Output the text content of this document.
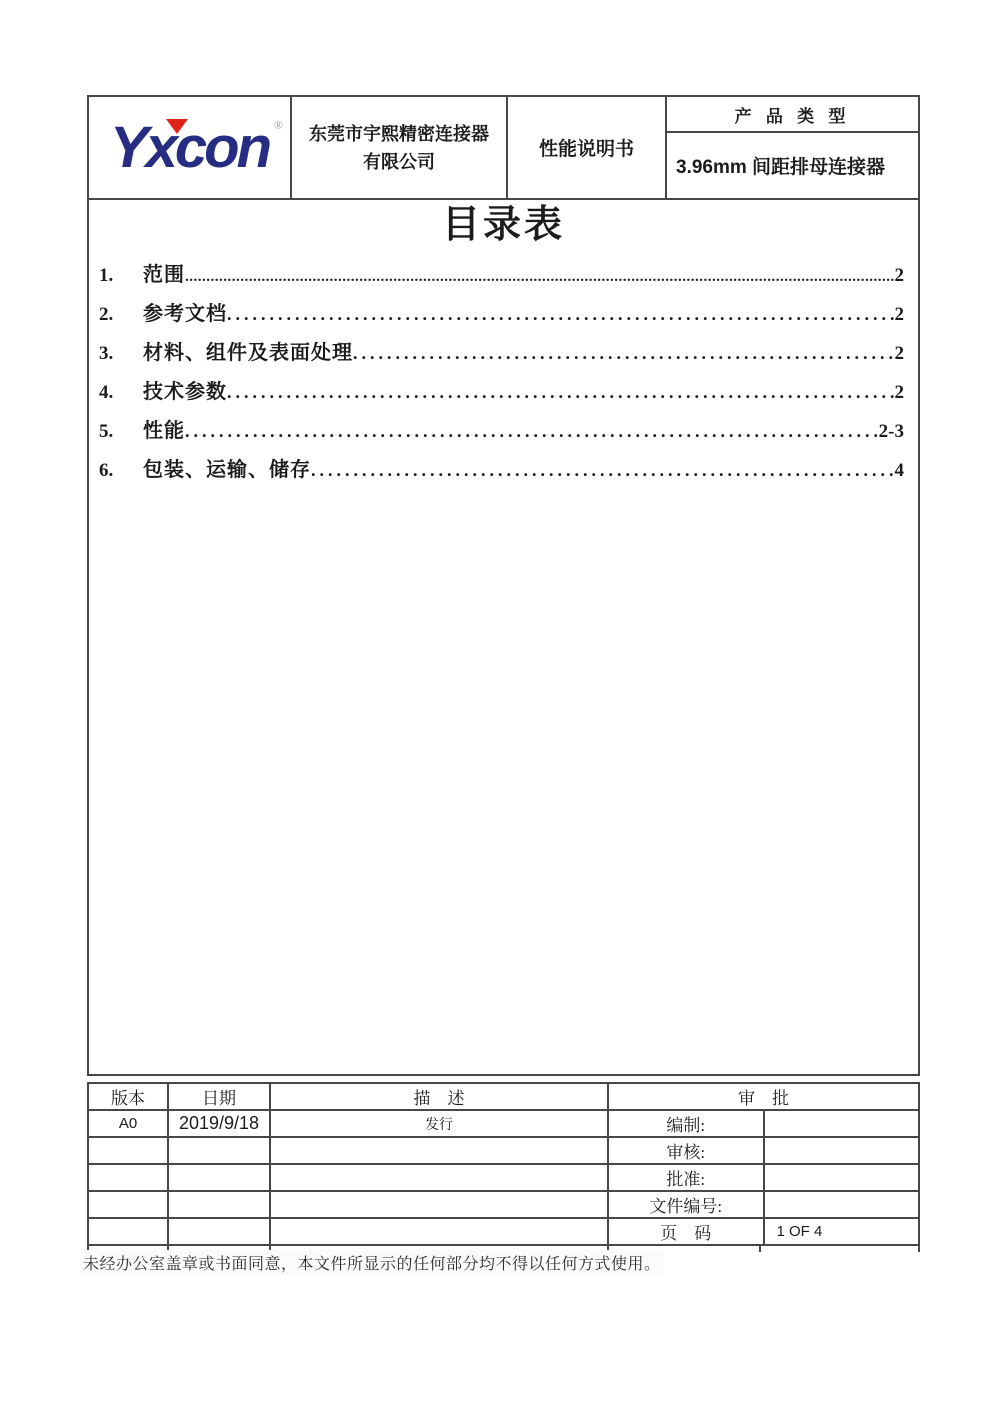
Yxcon ® 东莞市宇熙精密连接器
有限公司
性能说明书
产 品 类 型
3.96mm 间距排母连接器
目录表
1.	范围 .....	2
2.	参考文档 .....	2
3.	材料、组件及表面处理 .....	2
4.	技术参数 .....	2
5.	性能 .....	2-3
6.	包装、运输、储存 .....	4
版本	日期	描　述	审　批	
A0	2019/9/18	发行	编制:	
			审核:	
			批准:	
			文件编号:	
			页　码	1 OF 4
未经办公室盖章或书面同意，本文件所显示的任何部分均不得以任何方式使用。
